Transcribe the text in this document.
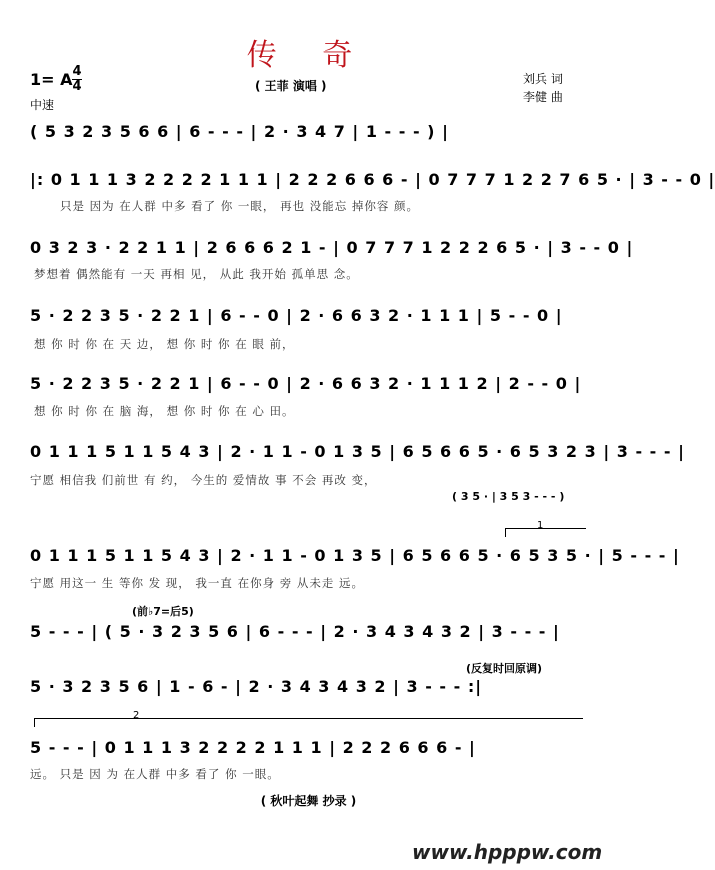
传 奇
1= A 4
4
中速
( 王菲 演唱 )	刘兵 词
李健 曲
( 5 3 2 3 5 6 6 | 6 - - - | 2 · 3 4 7 | 1 - - - ) |
|: 0 1 1 1 3 2 2 2 2 1 1 1 | 2 2 2 6 6 6 - | 0 7 7 7 1 2 2 7 6 5 · | 3 - - 0 |
只是 因为 在人群 中多 看了 你 一眼， 再也 没能忘 掉你容 颜。
0 3 2 3 · 2 2 1 1 | 2 6 6 6 2 1 - | 0 7 7 7 1 2 2 2 6 5 · | 3 - - 0 |
梦想着 偶然能有 一天 再相 见， 从此 我开始 孤单思 念。
5 · 2 2 3 5 · 2 2 1 | 6 - - 0 | 2 · 6 6 3 2 · 1 1 1 | 5 - - 0 |
想 你 时 你 在 天 边， 想 你 时 你 在 眼 前，
5 · 2 2 3 5 · 2 2 1 | 6 - - 0 | 2 · 6 6 3 2 · 1 1 1 2 | 2 - - 0 |
想 你 时 你 在 脑 海， 想 你 时 你 在 心 田。
0 1 1 1 5 1 1 5 4 3 | 2 · 1 1 - 0 1 3 5 | 6 5 6 6 5 · 6 5 3 2 3 | 3 - - - |
宁愿 相信我 们前世 有 约， 今生的 爱情故 事 不会 再改 变，
( 3 5 · | 3 5 3 - - - )
1
0 1 1 1 5 1 1 5 4 3 | 2 · 1 1 - 0 1 3 5 | 6 5 6 6 5 · 6 5 3 5 · | 5 - - - |
宁愿 用这一 生 等你 发 现， 我一直 在你身 旁 从未走 远。
(前♭7=后5)
5 - - - | ( 5 · 3 2 3 5 6 | 6 - - - | 2 · 3 4 3 4 3 2 | 3 - - - |
(反复时回原调)
5 · 3 2 3 5 6 | 1 - 6 - | 2 · 3 4 3 4 3 2 | 3 - - - :|
2
5 - - - | 0 1 1 1 3 2 2 2 2 1 1 1 | 2 2 2 6 6 6 - |
远。 只是 因 为 在人群 中多 看了 你 一眼。
( 秋叶起舞 抄录 )
www.hpppw.com
